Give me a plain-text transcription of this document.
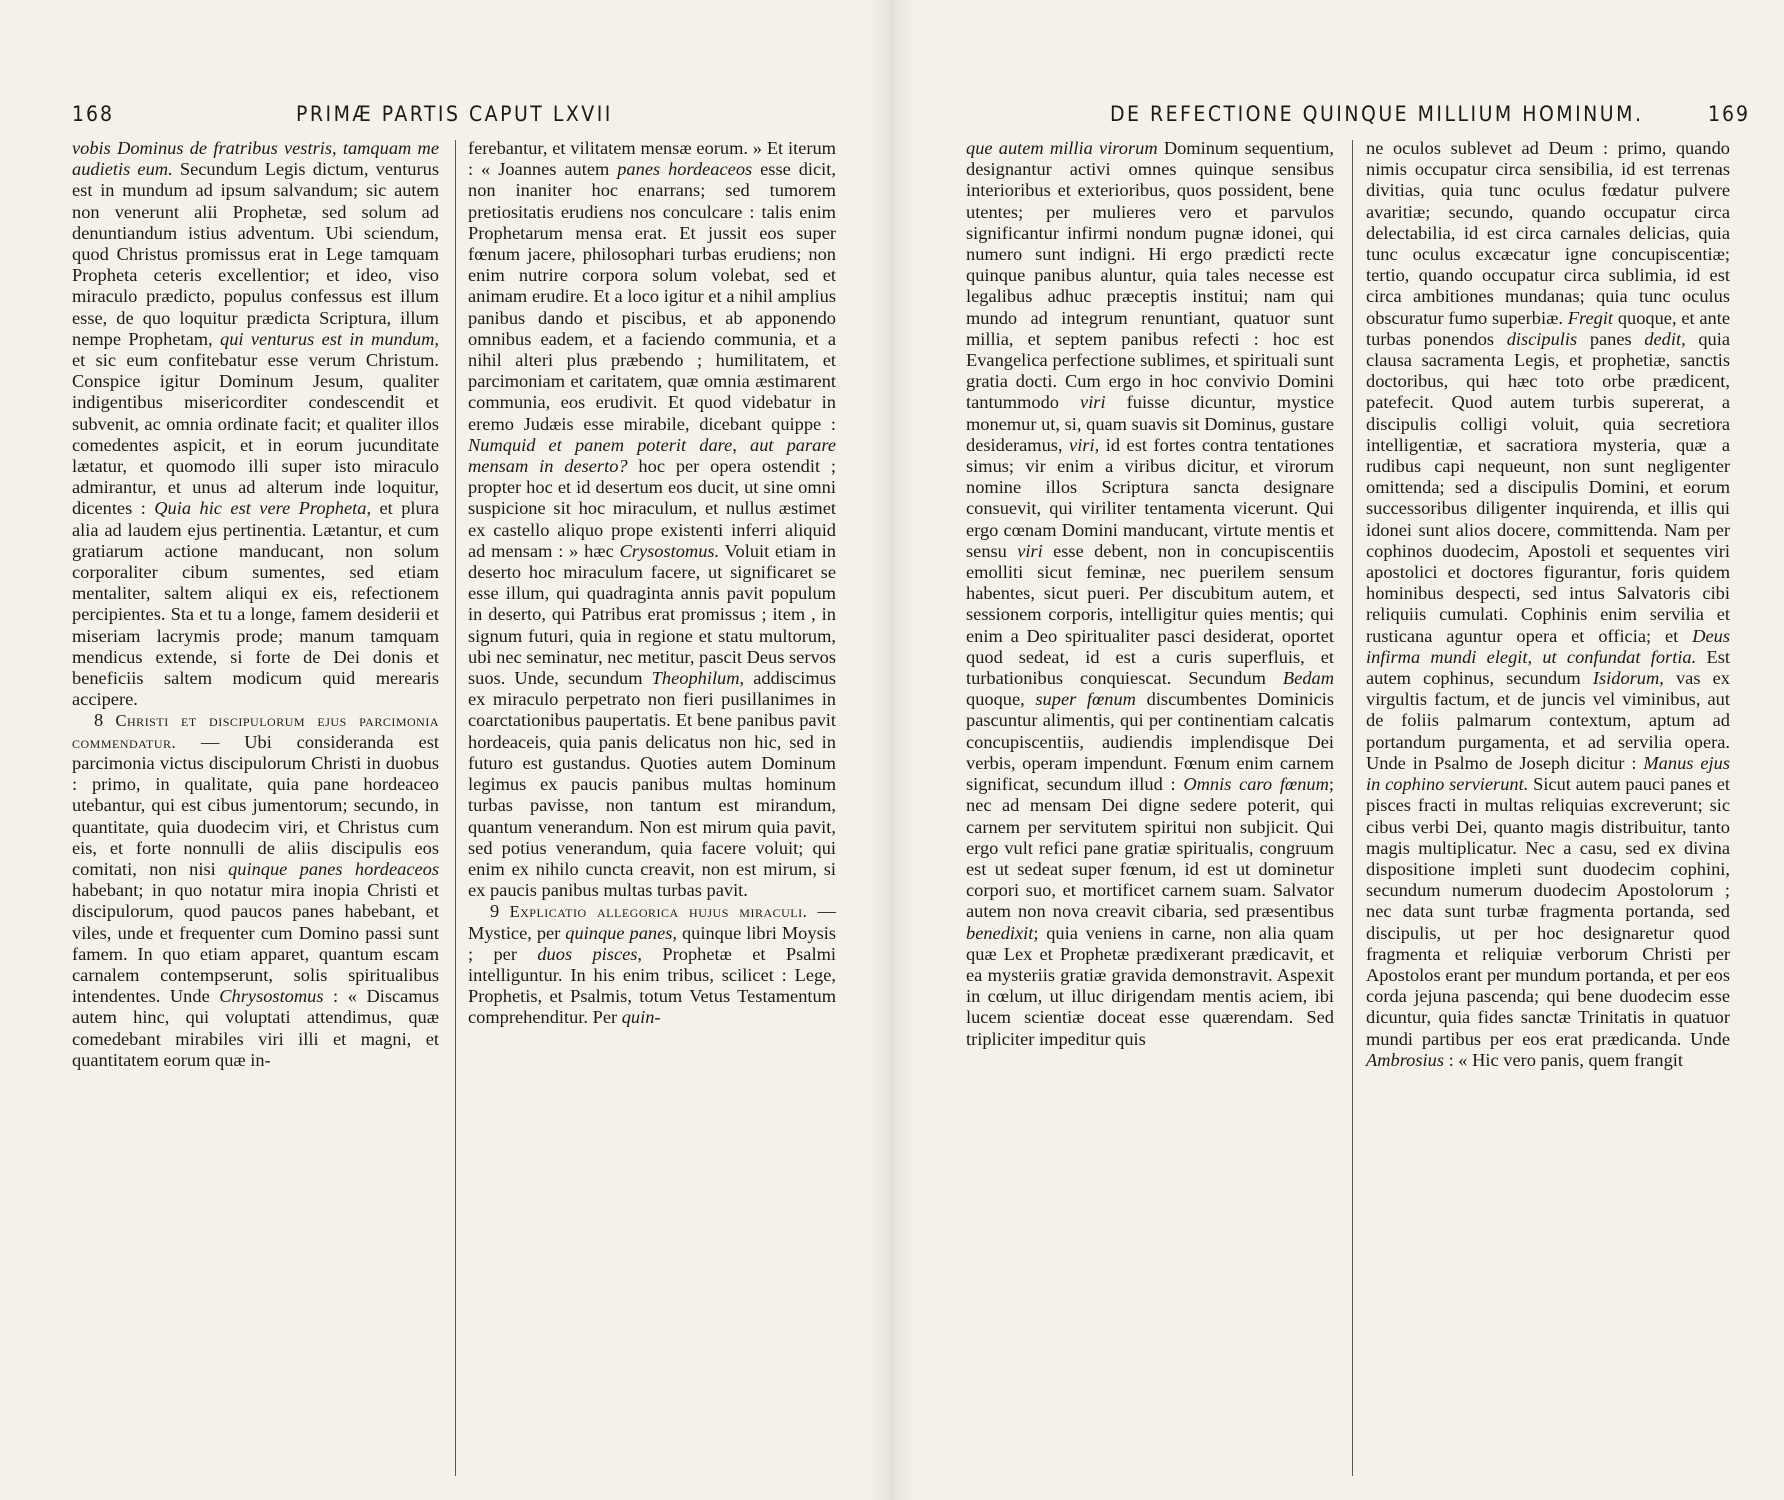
168	PRIMÆ PARTIS CAPUT LXVII

vobis Dominus de fratribus vestris, tamquam me audietis eum. Secundum Legis dictum, venturus est in mundum ad ipsum salvandum; sic autem non venerunt alii Prophetæ, sed solum ad denuntiandum istius adventum. Ubi sciendum, quod Christus promissus erat in Lege tamquam Propheta ceteris excellentior; et ideo, viso miraculo prædicto, populus confessus est illum esse, de quo loquitur prædicta Scriptura, illum nempe Prophetam, qui venturus est in mundum, et sic eum confitebatur esse verum Christum. Conspice igitur Dominum Jesum, qualiter indigentibus misericorditer condescendit et subvenit, ac omnia ordinate facit; et qualiter illos comedentes aspicit, et in eorum jucunditate lætatur, et quomodo illi super isto miraculo admirantur, et unus ad alterum inde loquitur, dicentes : Quia hic est vere Propheta, et plura alia ad laudem ejus pertinentia. Lætantur, et cum gratiarum actione manducant, non solum corporaliter cibum sumentes, sed etiam mentaliter, saltem aliqui ex eis, refectionem percipientes. Sta et tu a longe, famem desiderii et miseriam lacrymis prode; manum tamquam mendicus extende, si forte de Dei donis et beneficiis saltem modicum quid merearis accipere.

8 Christi et discipulorum ejus parcimonia commendatur. — Ubi consideranda est parcimonia victus discipulorum Christi in duobus : primo, in qualitate, quia pane hordeaceo utebantur, qui est cibus jumentorum; secundo, in quantitate, quia duodecim viri, et Christus cum eis, et forte nonnulli de aliis discipulis eos comitati, non nisi quinque panes hordeaceos habebant; in quo notatur mira inopia Christi et discipulorum, quod paucos panes habebant, et viles, unde et frequenter cum Domino passi sunt famem. In quo etiam apparet, quantum escam carnalem contempserunt, solis spiritualibus intendentes. Unde Chrysostomus : « Discamus autem hinc, qui voluptati attendimus, quæ comedebant mirabiles viri illi et magni, et quantitatem eorum quæ in-

ferebantur, et vilitatem mensæ eorum. » Et iterum : « Joannes autem panes hordeaceos esse dicit, non inaniter hoc enarrans; sed tumorem pretiositatis erudiens nos conculcare : talis enim Prophetarum mensa erat. Et jussit eos super fœnum jacere, philosophari turbas erudiens; non enim nutrire corpora solum volebat, sed et animam erudire. Et a loco igitur et a nihil amplius panibus dando et piscibus, et ab apponendo omnibus eadem, et a faciendo communia, et a nihil alteri plus præbendo ; humilitatem, et parcimoniam et caritatem, quæ omnia æstimarent communia, eos erudivit. Et quod videbatur in eremo Judæis esse mirabile, dicebant quippe : Numquid et panem poterit dare, aut parare mensam in deserto? hoc per opera ostendit ; propter hoc et id desertum eos ducit, ut sine omni suspicione sit hoc miraculum, et nullus æstimet ex castello aliquo prope existenti inferri aliquid ad mensam : » hæc Crysostomus. Voluit etiam in deserto hoc miraculum facere, ut significaret se esse illum, qui quadraginta annis pavit populum in deserto, qui Patribus erat promissus ; item , in signum futuri, quia in regione et statu multorum, ubi nec seminatur, nec metitur, pascit Deus servos suos. Unde, secundum Theophilum, addiscimus ex miraculo perpetrato non fieri pusillanimes in coarctationibus paupertatis. Et bene panibus pavit hordeaceis, quia panis delicatus non hic, sed in futuro est gustandus. Quoties autem Dominum legimus ex paucis panibus multas hominum turbas pavisse, non tantum est mirandum, quantum venerandum. Non est mirum quia pavit, sed potius venerandum, quia facere voluit; qui enim ex nihilo cuncta creavit, non est mirum, si ex paucis panibus multas turbas pavit.

9 Explicatio allegorica hujus miraculi. — Mystice, per quinque panes, quinque libri Moysis ; per duos pisces, Prophetæ et Psalmi intelliguntur. In his enim tribus, scilicet : Lege, Prophetis, et Psalmis, totum Vetus Testamentum comprehenditur. Per quin-

DE REFECTIONE QUINQUE MILLIUM HOMINUM.	169

que autem millia virorum Dominum sequentium, designantur activi omnes quinque sensibus interioribus et exterioribus, quos possident, bene utentes; per mulieres vero et parvulos significantur infirmi nondum pugnæ idonei, qui numero sunt indigni. Hi ergo prædicti recte quinque panibus aluntur, quia tales necesse est legalibus adhuc præceptis institui; nam qui mundo ad integrum renuntiant, quatuor sunt millia, et septem panibus refecti : hoc est Evangelica perfectione sublimes, et spirituali sunt gratia docti. Cum ergo in hoc convivio Domini tantummodo viri fuisse dicuntur, mystice monemur ut, si, quam suavis sit Dominus, gustare desideramus, viri, id est fortes contra tentationes simus; vir enim a viribus dicitur, et virorum nomine illos Scriptura sancta designare consuevit, qui viriliter tentamenta vicerunt. Qui ergo cœnam Domini manducant, virtute mentis et sensu viri esse debent, non in concupiscentiis emolliti sicut feminæ, nec puerilem sensum habentes, sicut pueri. Per discubitum autem, et sessionem corporis, intelligitur quies mentis; qui enim a Deo spiritualiter pasci desiderat, oportet quod sedeat, id est a curis superfluis, et turbationibus conquiescat. Secundum Bedam quoque, super fœnum discumbentes Dominicis pascuntur alimentis, qui per continentiam calcatis concupiscentiis, audiendis implendisque Dei verbis, operam impendunt. Fœnum enim carnem significat, secundum illud : Omnis caro fœnum; nec ad mensam Dei digne sedere poterit, qui carnem per servitutem spiritui non subjicit. Qui ergo vult refici pane gratiæ spiritualis, congruum est ut sedeat super fœnum, id est ut dominetur corpori suo, et mortificet carnem suam. Salvator autem non nova creavit cibaria, sed præsentibus benedixit; quia veniens in carne, non alia quam quæ Lex et Prophetæ prædixerant prædicavit, et ea mysteriis gratiæ gravida demonstravit. Aspexit in cœlum, ut illuc dirigendam mentis aciem, ibi lucem scientiæ doceat esse quærendam. Sed tripliciter impeditur quis

ne oculos sublevet ad Deum : primo, quando nimis occupatur circa sensibilia, id est terrenas divitias, quia tunc oculus fœdatur pulvere avaritiæ; secundo, quando occupatur circa delectabilia, id est circa carnales delicias, quia tunc oculus excæcatur igne concupiscentiæ; tertio, quando occupatur circa sublimia, id est circa ambitiones mundanas; quia tunc oculus obscuratur fumo superbiæ. Fregit quoque, et ante turbas ponendos discipulis panes dedit, quia clausa sacramenta Legis, et prophetiæ, sanctis doctoribus, qui hæc toto orbe prædicent, patefecit. Quod autem turbis supererat, a discipulis colligi voluit, quia secretiora intelligentiæ, et sacratiora mysteria, quæ a rudibus capi nequeunt, non sunt negligenter omittenda; sed a discipulis Domini, et eorum successoribus diligenter inquirenda, et illis qui idonei sunt alios docere, committenda. Nam per cophinos duodecim, Apostoli et sequentes viri apostolici et doctores figurantur, foris quidem hominibus despecti, sed intus Salvatoris cibi reliquiis cumulati. Cophinis enim servilia et rusticana aguntur opera et officia; et Deus infirma mundi elegit, ut confundat fortia. Est autem cophinus, secundum Isidorum, vas ex virgultis factum, et de juncis vel viminibus, aut de foliis palmarum contextum, aptum ad portandum purgamenta, et ad servilia opera. Unde in Psalmo de Joseph dicitur : Manus ejus in cophino servierunt. Sicut autem pauci panes et pisces fracti in multas reliquias excreverunt; sic cibus verbi Dei, quanto magis distribuitur, tanto magis multiplicatur. Nec a casu, sed ex divina dispositione impleti sunt duodecim cophini, secundum numerum duodecim Apostolorum ; nec data sunt turbæ fragmenta portanda, sed discipulis, ut per hoc designaretur quod fragmenta et reliquiæ verborum Christi per Apostolos erant per mundum portanda, et per eos corda jejuna pascenda; qui bene duodecim esse dicuntur, quia fides sanctæ Trinitatis in quatuor mundi partibus per eos erat prædicanda. Unde Ambrosius : « Hic vero panis, quem frangit
